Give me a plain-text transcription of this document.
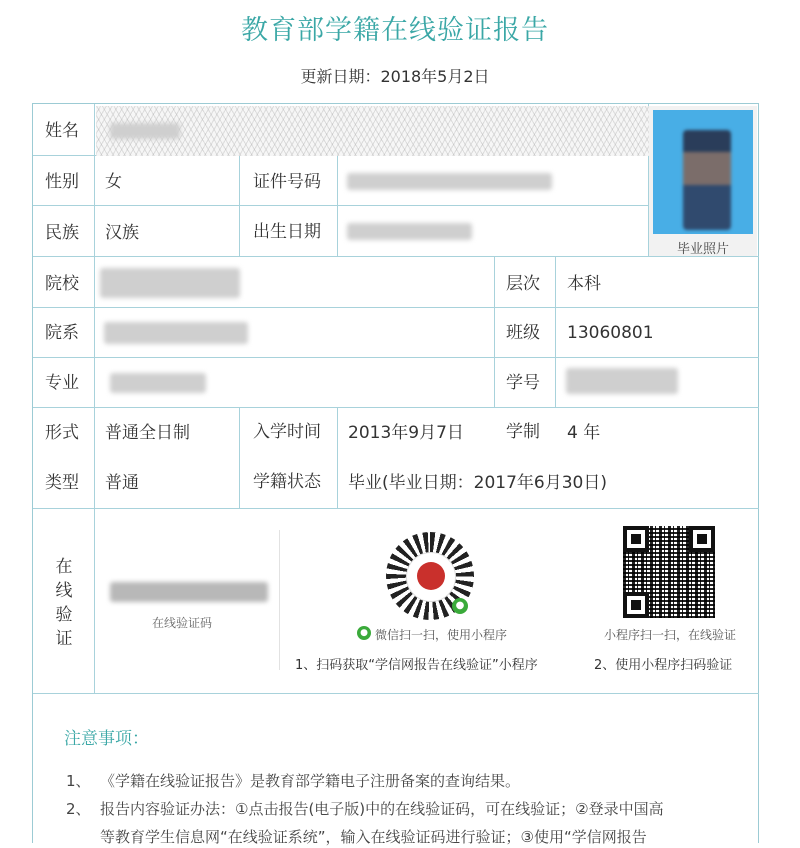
教育部学籍在线验证报告
更新日期：2018年5月2日
姓名
毕业照片
性别 女	证件号码
民族 汉族	出生日期
院校	层次 本科
院系	班级 13060801
专业	学号
形式 普通全日制	入学时间 2013年9月7日 学制 4 年
类型 普通	学籍状态 毕业(毕业日期：2017年6月30日)
在线验证
在线验证码
●
● 微信扫一扫，使用小程序	小程序扫一扫，在线验证
1、扫码获取“学信网报告在线验证”小程序	2、使用小程序扫码验证
注意事项：
1、 《学籍在线验证报告》是教育部学籍电子注册备案的查询结果。
2、 报告内容验证办法：①点击报告(电子版)中的在线验证码，可在线验证；②登录中国高
等教育学生信息网“在线验证系统”，输入在线验证码进行验证；③使用“学信网报告
